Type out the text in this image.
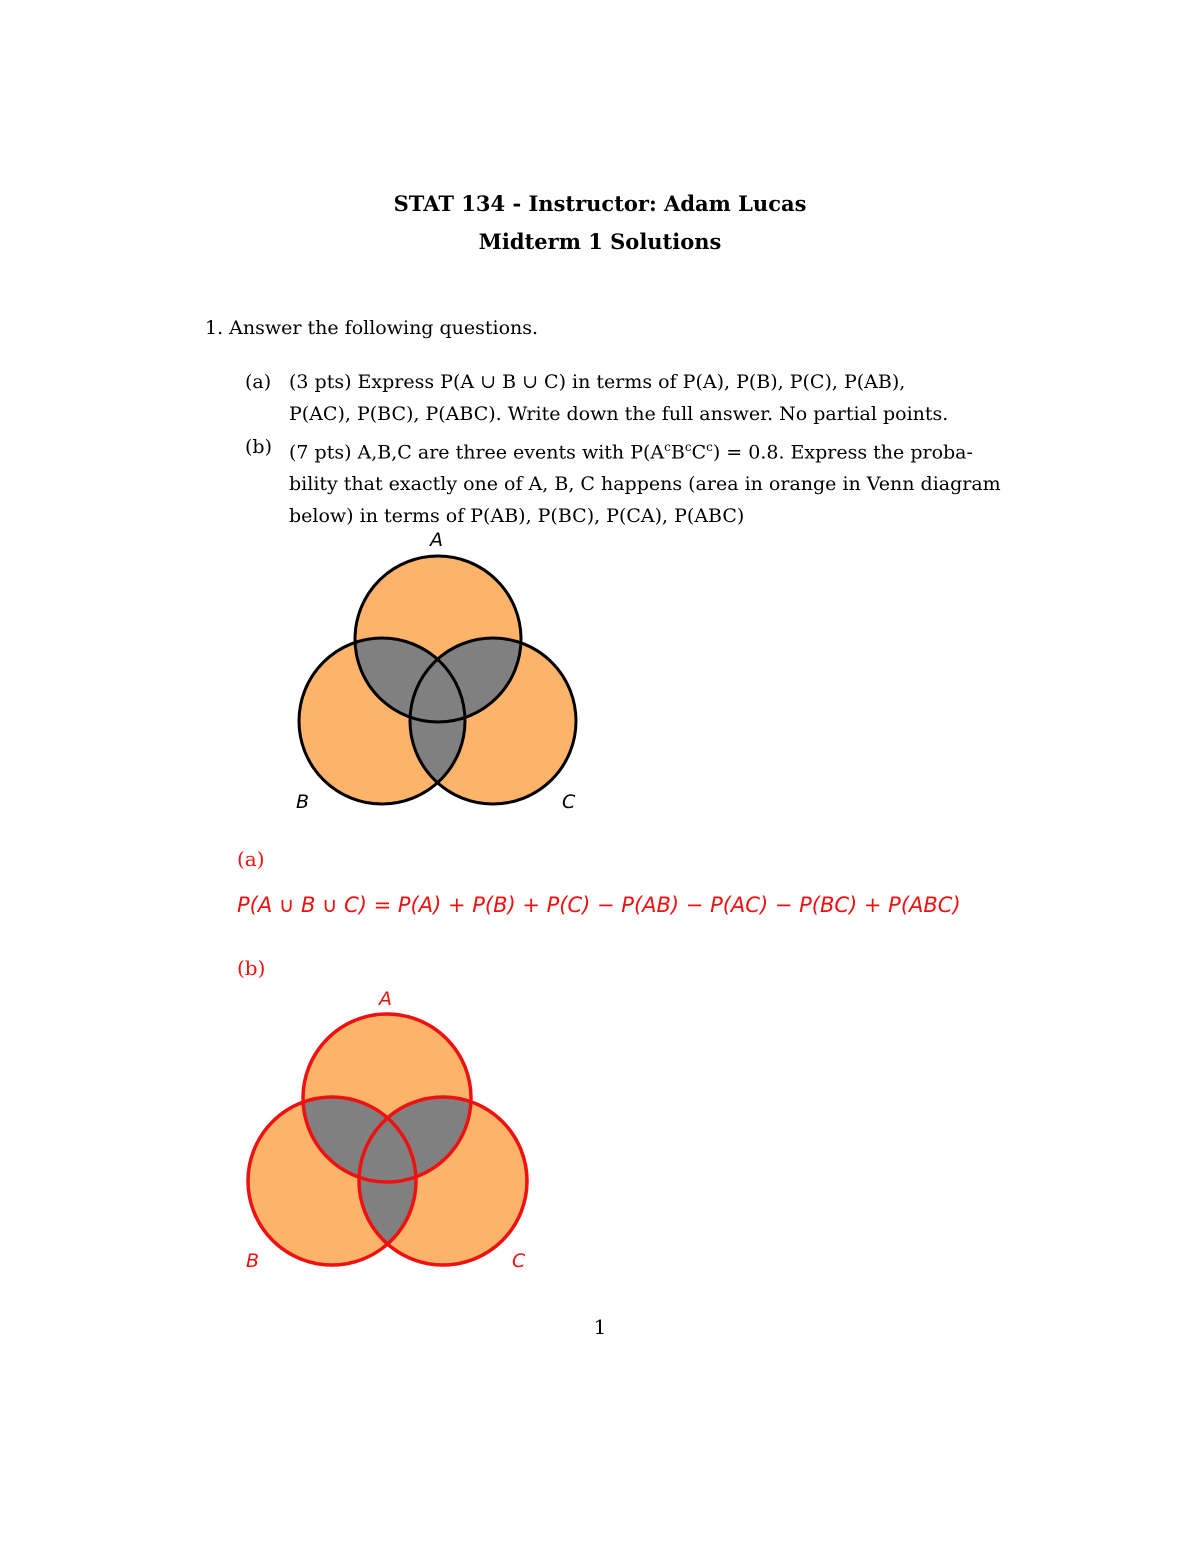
STAT 134 - Instructor: Adam Lucas
Midterm 1 Solutions
1. Answer the following questions.
(a) (3 pts) Express P(A ∪ B ∪ C) in terms of P(A), P(B), P(C), P(AB),
P(AC), P(BC), P(ABC). Write down the full answer. No partial points.
(b) (7 pts) A,B,C are three events with $P(A^cB^cC^c) = 0.8$. Express the proba-
bility that exactly one of A, B, C happens (area in orange in Venn diagram
below) in terms of P(AB), P(BC), P(CA), P(ABC)
A
B	C
(a)
P(A ∪ B ∪ C) = P(A) + P(B) + P(C) − P(AB) − P(AC) − P(BC) + P(ABC)
(b)
A
B	C
1
